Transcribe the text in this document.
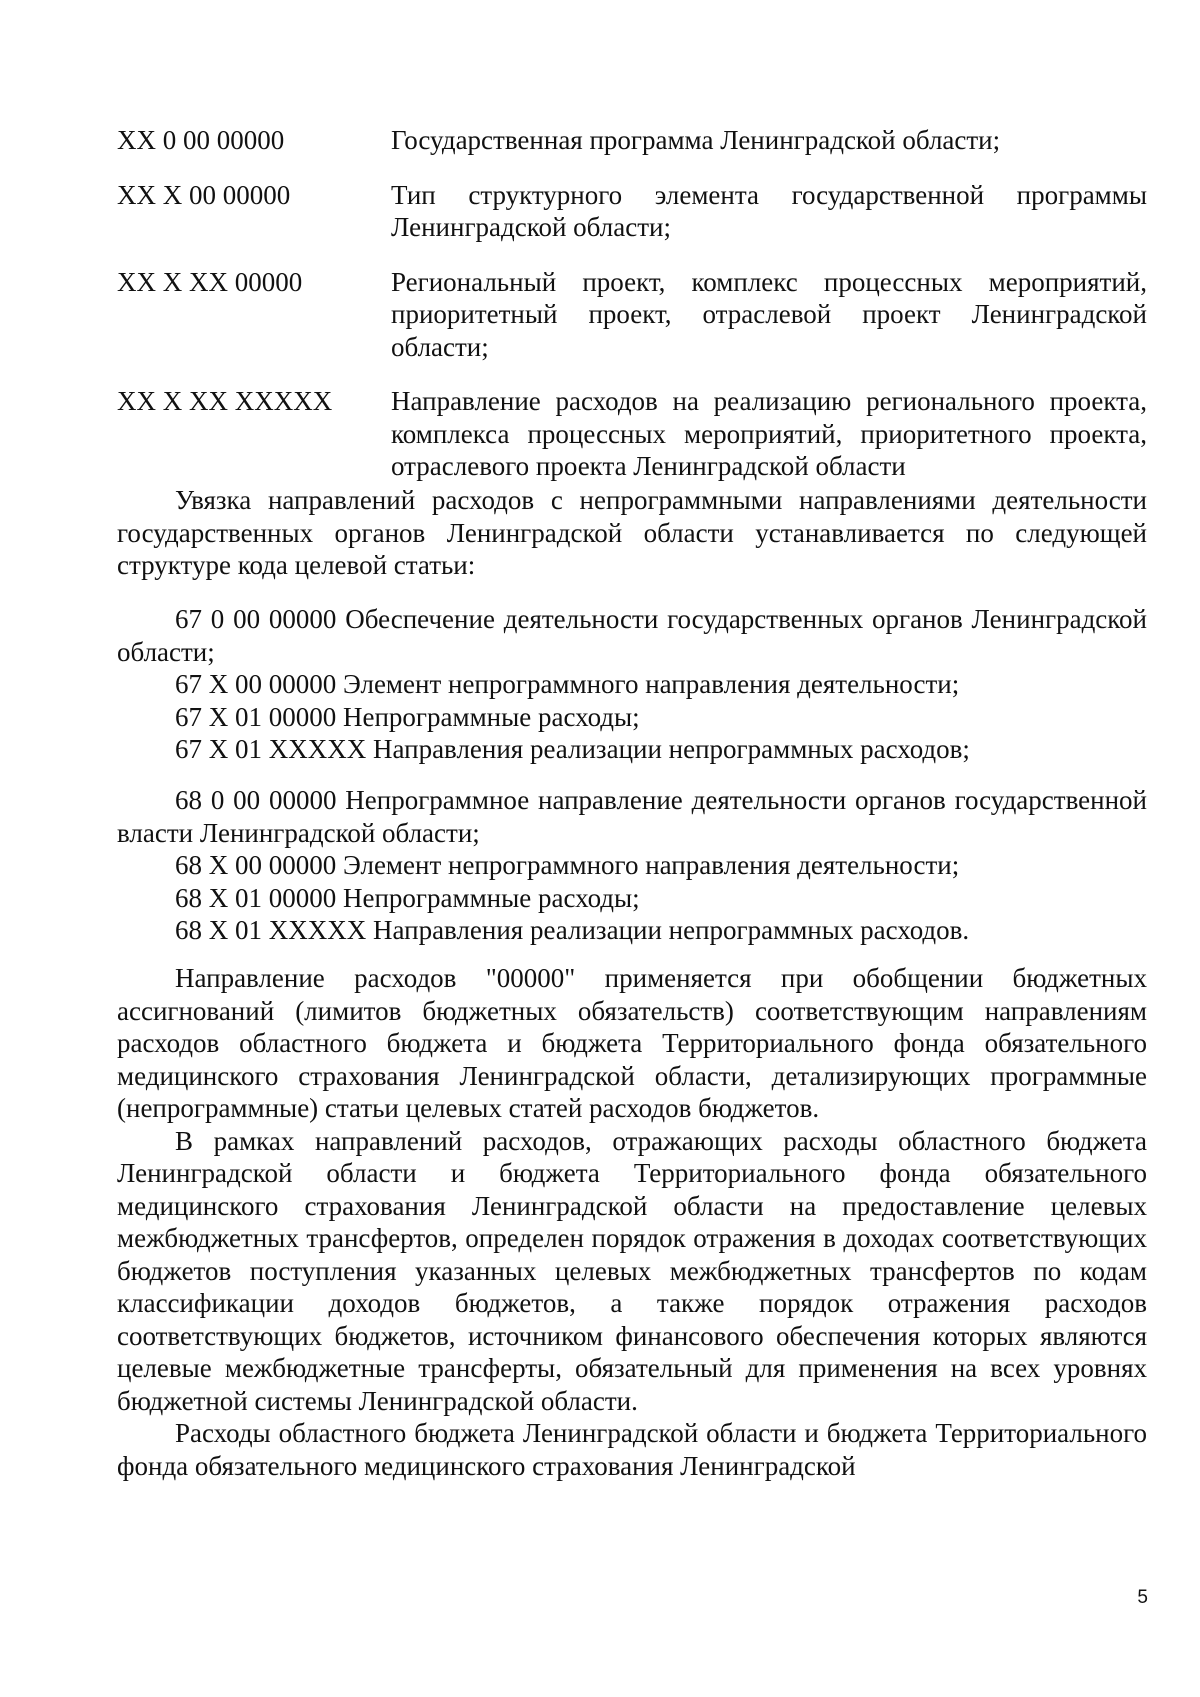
XX 0 00 00000	Государственная программа Ленинградской области;
XX X 00 00000	Тип структурного элемента государственной программы Ленинградской области;
XX X XX 00000	Региональный проект, комплекс процессных мероприятий, приоритетный проект, отраслевой проект Ленинградской области;
XX X XX XXXXX	Направление расходов на реализацию регионального проекта, комплекса процессных мероприятий, приоритетного проекта, отраслевого проекта Ленинградской области

Увязка направлений расходов с непрограммными направлениями деятельности государственных органов Ленинградской области устанавливается по следующей структуре кода целевой статьи:

67 0 00 00000 Обеспечение деятельности государственных органов Ленинградской области;

67 X 00 00000 Элемент непрограммного направления деятельности;

67 X 01 00000 Непрограммные расходы;

67 X 01 XXXXX Направления реализации непрограммных расходов;

68 0 00 00000 Непрограммное направление деятельности органов государственной власти Ленинградской области;

68 X 00 00000 Элемент непрограммного направления деятельности;

68 X 01 00000 Непрограммные расходы;

68 X 01 XXXXX Направления реализации непрограммных расходов.

Направление расходов "00000" применяется при обобщении бюджетных ассигнований (лимитов бюджетных обязательств) соответствующим направлениям расходов областного бюджета и бюджета Территориального фонда обязательного медицинского страхования Ленинградской области, детализирующих программные (непрограммные) статьи целевых статей расходов бюджетов.

В рамках направлений расходов, отражающих расходы областного бюджета Ленинградской области и бюджета Территориального фонда обязательного медицинского страхования Ленинградской области на предоставление целевых межбюджетных трансфертов, определен порядок отражения в доходах соответствующих бюджетов поступления указанных целевых межбюджетных трансфертов по кодам классификации доходов бюджетов, а также порядок отражения расходов соответствующих бюджетов, источником финансового обеспечения которых являются целевые межбюджетные трансферты, обязательный для применения на всех уровнях бюджетной системы Ленинградской области.

Расходы областного бюджета Ленинградской области и бюджета Территориального фонда обязательного медицинского страхования Ленинградской

5
